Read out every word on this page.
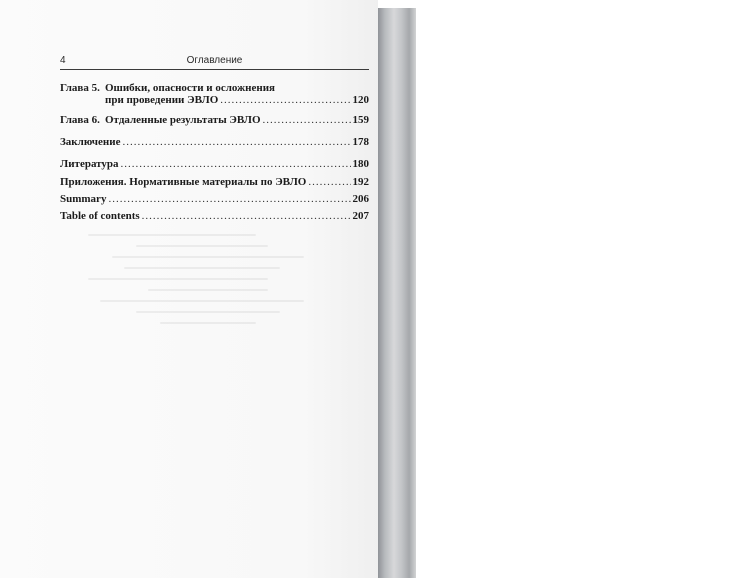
4	Оглавление
Глава 5. Ошибки, опасности и осложнения
при проведении ЭВЛО .....	120
Глава 6. Отдаленные результаты ЭВЛО .....	159
Заключение .....	178
Литература .....	180
Приложения. Нормативные материалы по ЭВЛО .....	192
Summary .....	206
Table of contents .....	207
